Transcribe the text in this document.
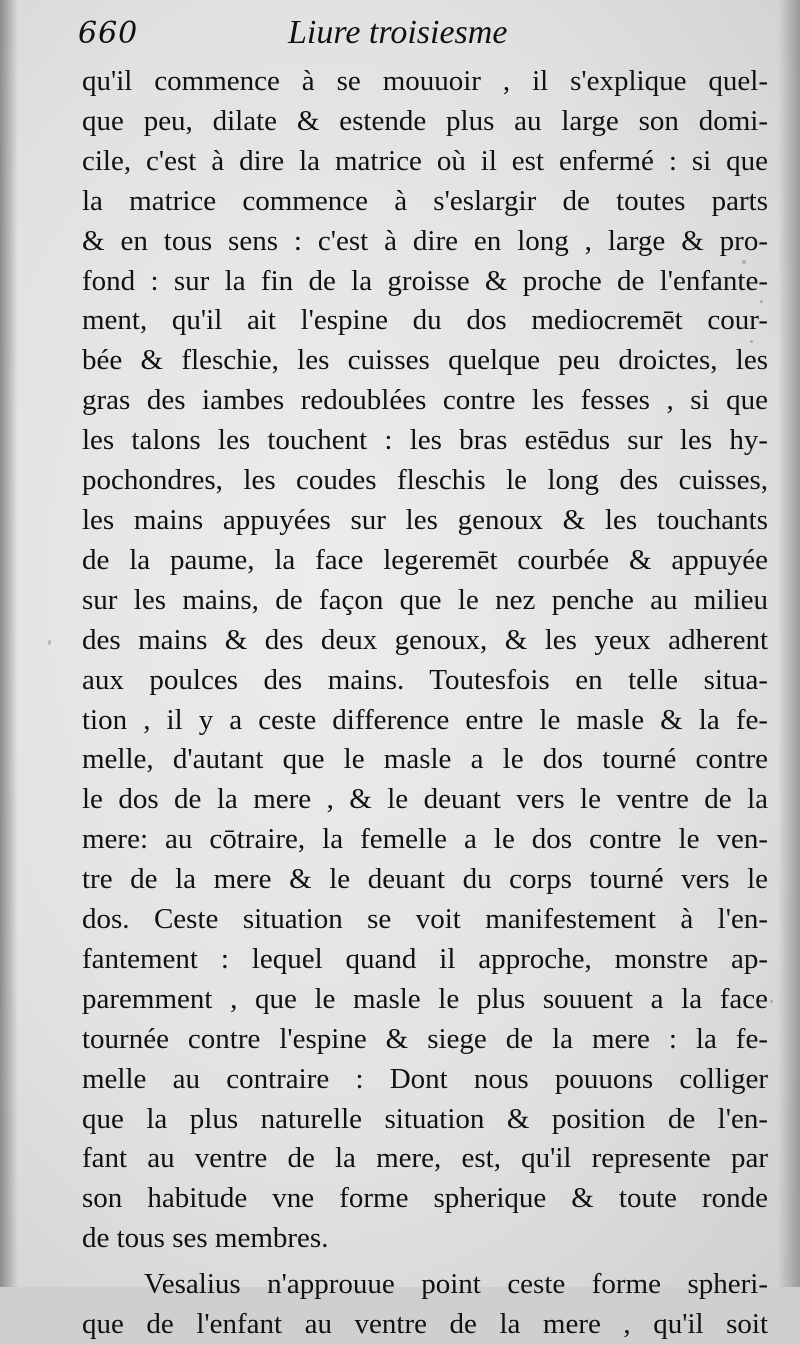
660	Liure troisiesme
qu'il commence à se mouuoir , il s'explique quel-
que peu, dilate & estende plus au large son domi-
cile, c'est à dire la matrice où il est enfermé : si que
la matrice commence à s'eslargir de toutes parts
& en tous sens : c'est à dire en long , large & pro-
fond : sur la fin de la groisse & proche de l'enfante-
ment, qu'il ait l'espine du dos mediocremēt cour-
bée & fleschie, les cuisses quelque peu droictes, les
gras des iambes redoublées contre les fesses , si que
les talons les touchent : les bras estēdus sur les hy-
pochondres, les coudes fleschis le long des cuisses,
les mains appuyées sur les genoux & les touchants
de la paume, la face legeremēt courbée & appuyée
sur les mains, de façon que le nez penche au milieu
des mains & des deux genoux, & les yeux adherent
aux poulces des mains. Toutesfois en telle situa-
tion , il y a ceste difference entre le masle & la fe-
melle, d'autant que le masle a le dos tourné contre
le dos de la mere , & le deuant vers le ventre de la
mere: au cōtraire, la femelle a le dos contre le ven-
tre de la mere & le deuant du corps tourné vers le
dos. Ceste situation se voit manifestement à l'en-
fantement : lequel quand il approche, monstre ap-
paremment , que le masle le plus souuent a la face
tournée contre l'espine & siege de la mere : la fe-
melle au contraire : Dont nous pouuons colliger
que la plus naturelle situation & position de l'en-
fant au ventre de la mere, est, qu'il represente par
son habitude vne forme spherique & toute ronde
de tous ses membres.
Vesalius n'approuue point ceste forme spheri-
que de l'enfant au ventre de la mere , qu'il soit
